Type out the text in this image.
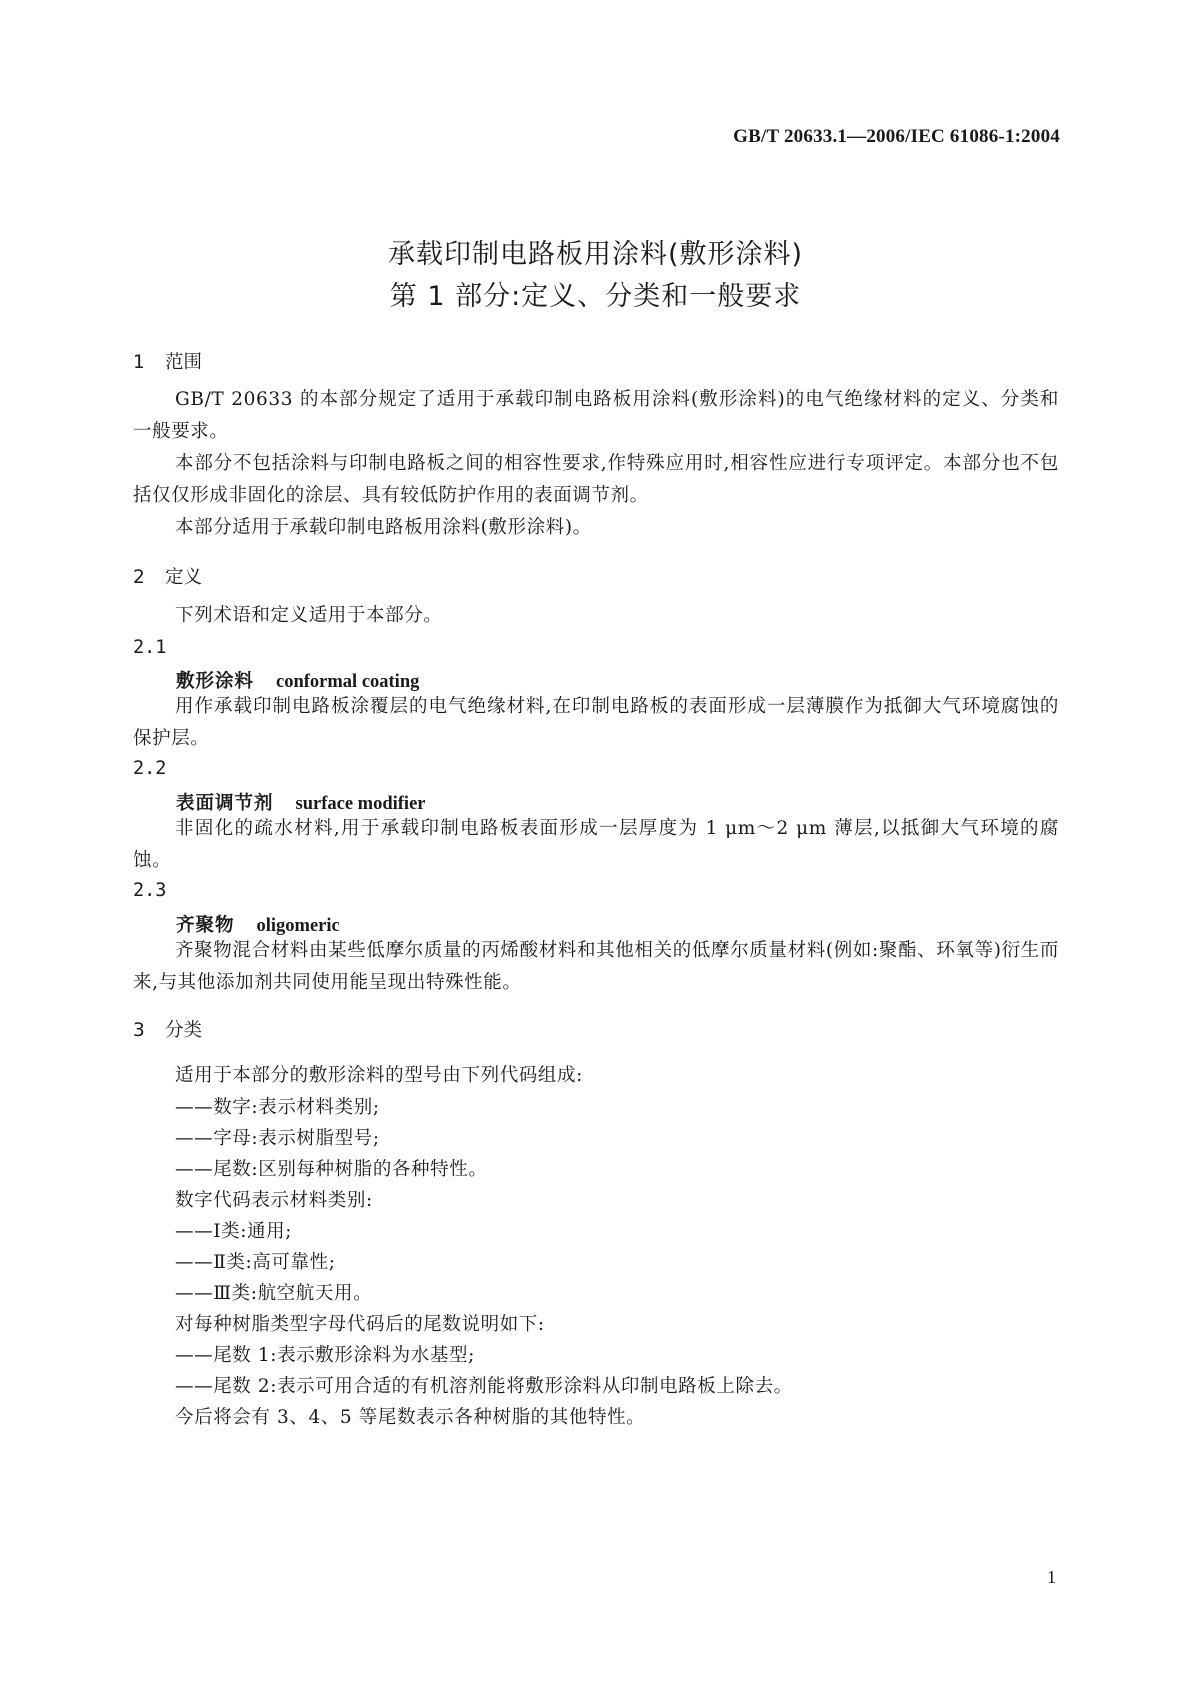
GB/T 20633.1—2006/IEC 61086-1:2004
承载印制电路板用涂料(敷形涂料)
第 1 部分:定义、分类和一般要求
1 范围
GB/T 20633 的本部分规定了适用于承载印制电路板用涂料(敷形涂料)的电气绝缘材料的定义、分类和一般要求。
本部分不包括涂料与印制电路板之间的相容性要求,作特殊应用时,相容性应进行专项评定。本部分也不包括仅仅形成非固化的涂层、具有较低防护作用的表面调节剂。
本部分适用于承载印制电路板用涂料(敷形涂料)。
2 定义
下列术语和定义适用于本部分。
2.1
敷形涂料 conformal coating
用作承载印制电路板涂覆层的电气绝缘材料,在印制电路板的表面形成一层薄膜作为抵御大气环境腐蚀的保护层。
2.2
表面调节剂 surface modifier
非固化的疏水材料,用于承载印制电路板表面形成一层厚度为 1 μm～2 μm 薄层,以抵御大气环境的腐蚀。
2.3
齐聚物 oligomeric
齐聚物混合材料由某些低摩尔质量的丙烯酸材料和其他相关的低摩尔质量材料(例如:聚酯、环氧等)衍生而来,与其他添加剂共同使用能呈现出特殊性能。
3 分类
适用于本部分的敷形涂料的型号由下列代码组成:
——数字:表示材料类别;
——字母:表示树脂型号;
——尾数:区别每种树脂的各种特性。
数字代码表示材料类别:
——Ⅰ类:通用;
——Ⅱ类:高可靠性;
——Ⅲ类:航空航天用。
对每种树脂类型字母代码后的尾数说明如下:
——尾数 1:表示敷形涂料为水基型;
——尾数 2:表示可用合适的有机溶剂能将敷形涂料从印制电路板上除去。
今后将会有 3、4、5 等尾数表示各种树脂的其他特性。
1
